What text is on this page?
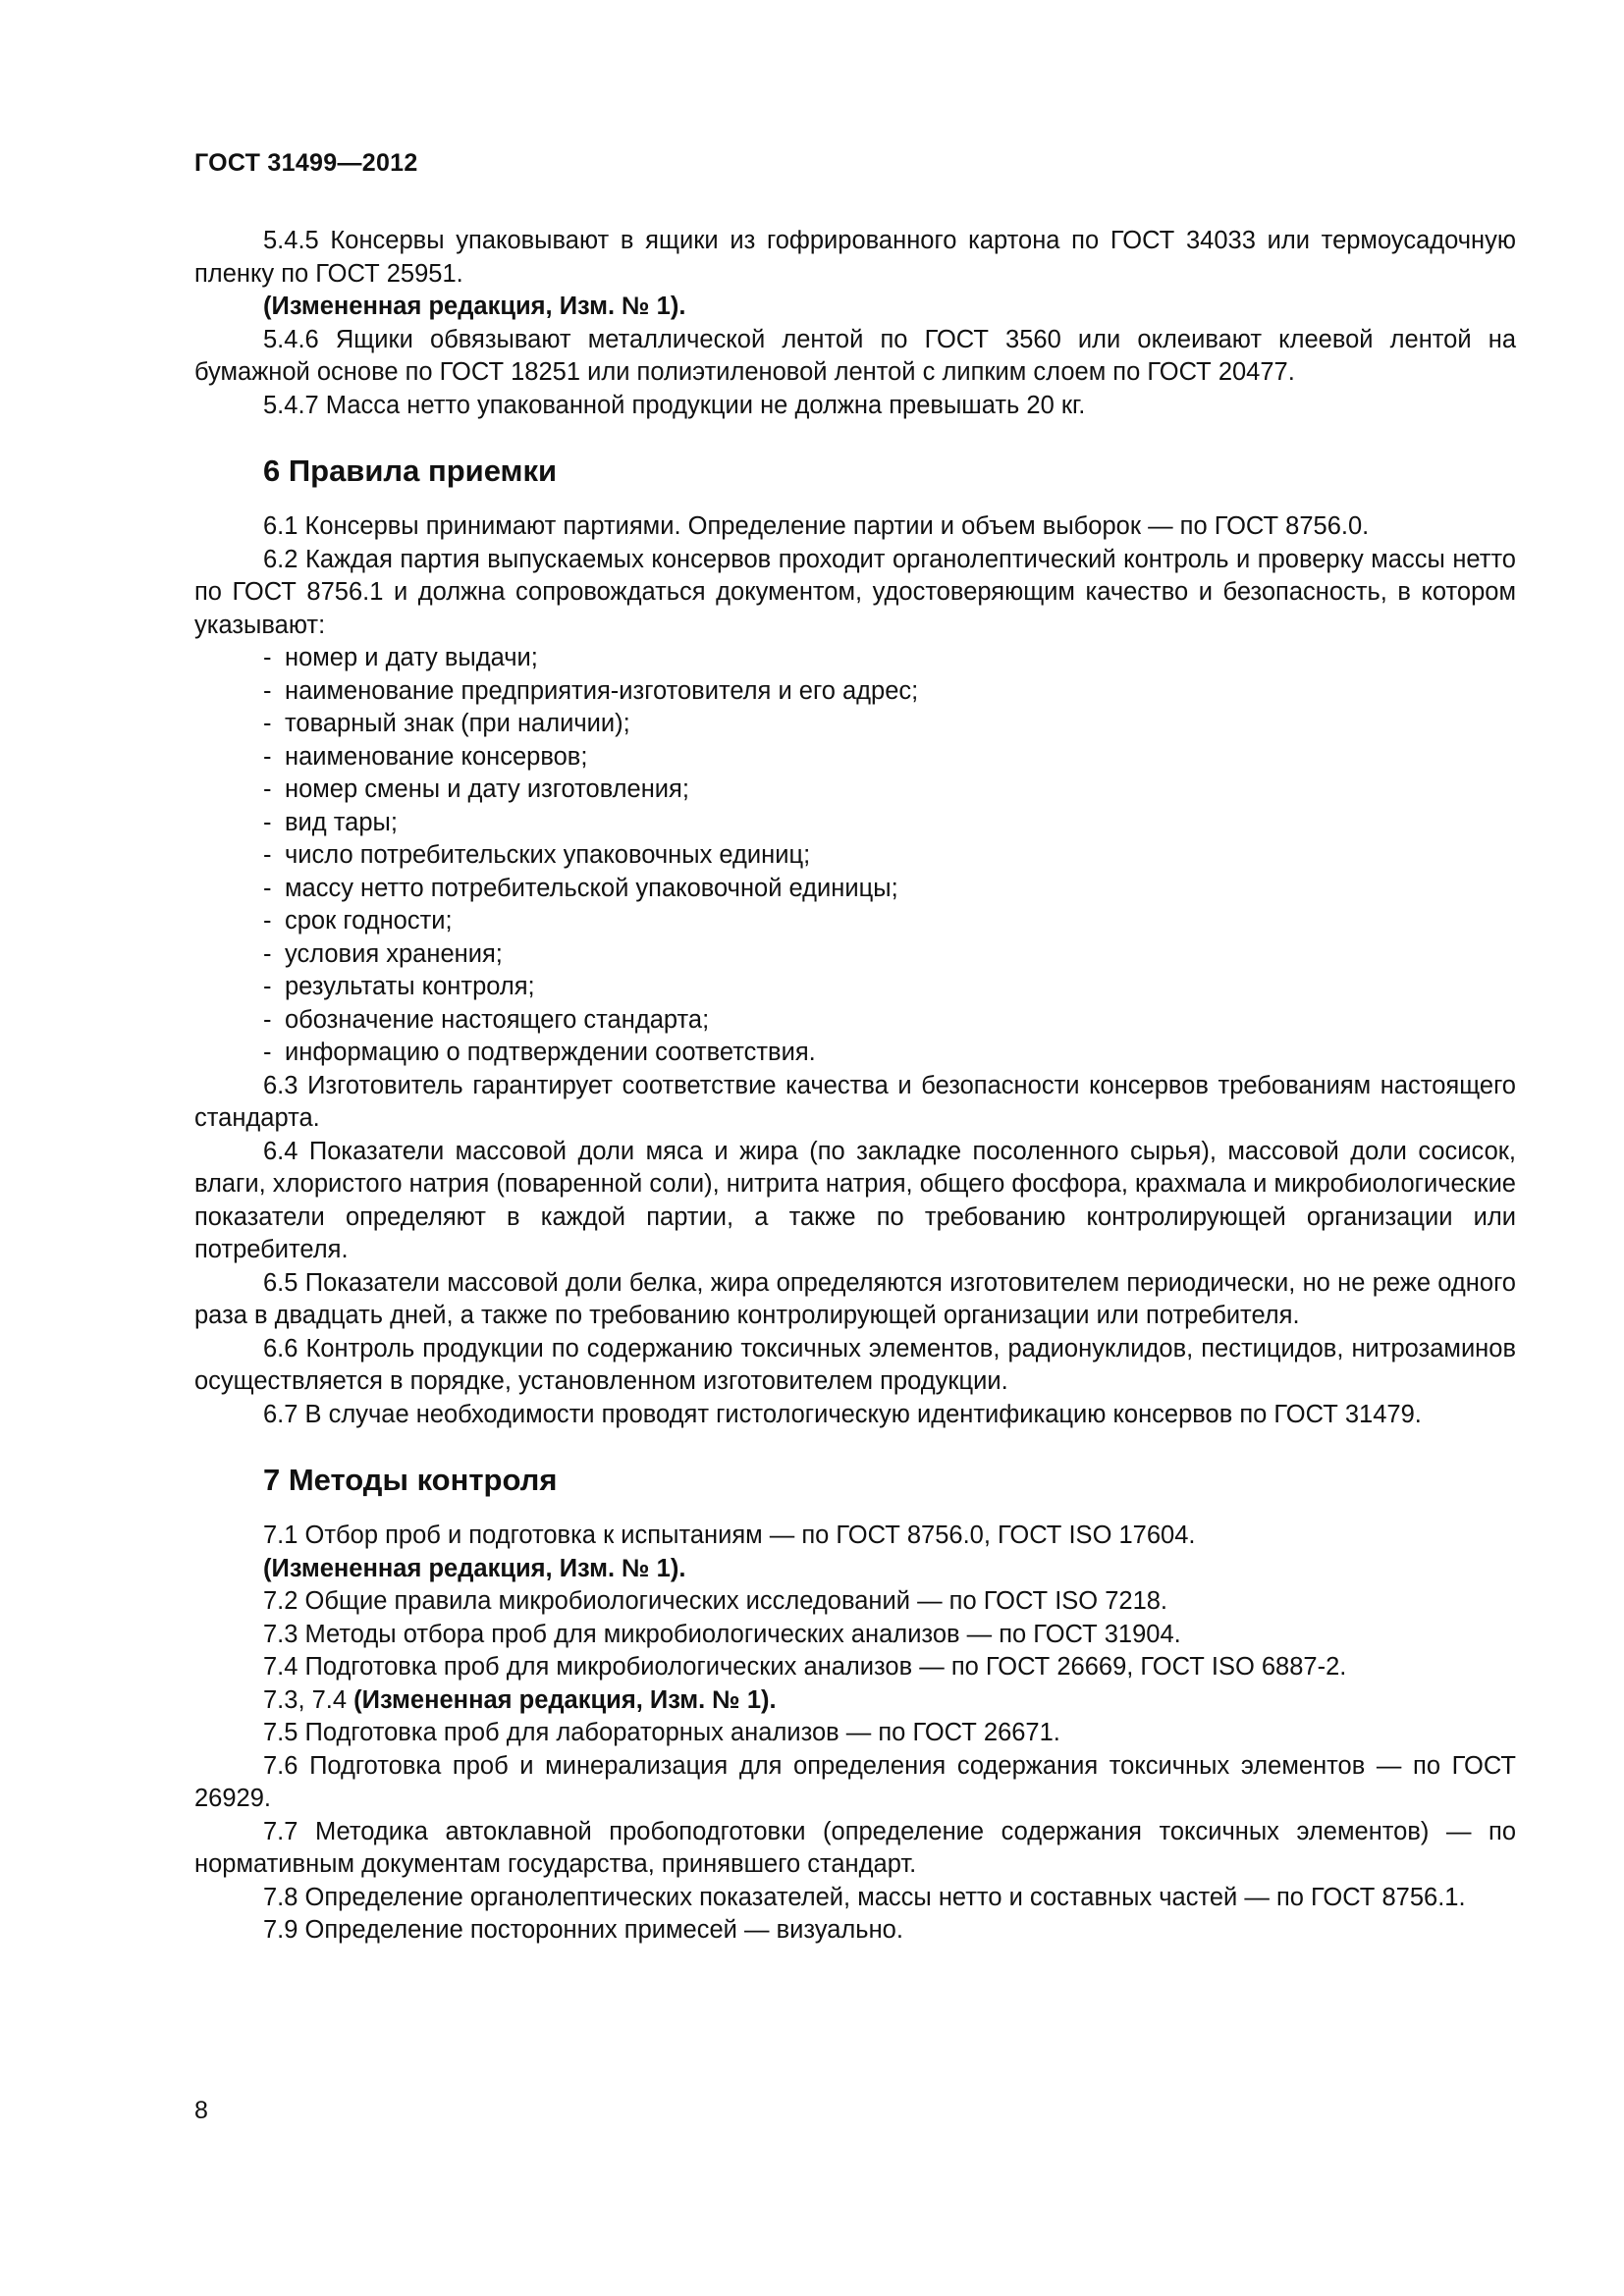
ГОСТ 31499—2012

5.4.5 Консервы упаковывают в ящики из гофрированного картона по ГОСТ 34033 или термоусадочную пленку по ГОСТ 25951.

(Измененная редакция, Изм. № 1).

5.4.6 Ящики обвязывают металлической лентой по ГОСТ 3560 или оклеивают клеевой лентой на бумажной основе по ГОСТ 18251 или полиэтиленовой лентой с липким слоем по ГОСТ 20477.

5.4.7 Масса нетто упакованной продукции не должна превышать 20 кг.

6 Правила приемки

6.1 Консервы принимают партиями. Определение партии и объем выборок — по ГОСТ 8756.0.

6.2 Каждая партия выпускаемых консервов проходит органолептический контроль и проверку массы нетто по ГОСТ 8756.1 и должна сопровождаться документом, удостоверяющим качество и безопасность, в котором указывают:

- номер и дату выдачи;
- наименование предприятия-изготовителя и его адрес;
- товарный знак (при наличии);
- наименование консервов;
- номер смены и дату изготовления;
- вид тары;
- число потребительских упаковочных единиц;
- массу нетто потребительской упаковочной единицы;
- срок годности;
- условия хранения;
- результаты контроля;
- обозначение настоящего стандарта;
- информацию о подтверждении соответствия.

6.3 Изготовитель гарантирует соответствие качества и безопасности консервов требованиям настоящего стандарта.

6.4 Показатели массовой доли мяса и жира (по закладке посоленного сырья), массовой доли сосисок, влаги, хлористого натрия (поваренной соли), нитрита натрия, общего фосфора, крахмала и микробиологические показатели определяют в каждой партии, а также по требованию контролирующей организации или потребителя.

6.5 Показатели массовой доли белка, жира определяются изготовителем периодически, но не реже одного раза в двадцать дней, а также по требованию контролирующей организации или потребителя.

6.6 Контроль продукции по содержанию токсичных элементов, радионуклидов, пестицидов, нитрозаминов осуществляется в порядке, установленном изготовителем продукции.

6.7 В случае необходимости проводят гистологическую идентификацию консервов по ГОСТ 31479.

7 Методы контроля

7.1 Отбор проб и подготовка к испытаниям — по ГОСТ 8756.0, ГОСТ ISO 17604.

(Измененная редакция, Изм. № 1).

7.2 Общие правила микробиологических исследований — по ГОСТ ISO 7218.

7.3 Методы отбора проб для микробиологических анализов — по ГОСТ 31904.

7.4 Подготовка проб для микробиологических анализов — по ГОСТ 26669, ГОСТ ISO 6887-2.

7.3, 7.4 (Измененная редакция, Изм. № 1).

7.5 Подготовка проб для лабораторных анализов — по ГОСТ 26671.

7.6 Подготовка проб и минерализация для определения содержания токсичных элементов — по ГОСТ 26929.

7.7 Методика автоклавной пробоподготовки (определение содержания токсичных элементов) — по нормативным документам государства, принявшего стандарт.

7.8 Определение органолептических показателей, массы нетто и составных частей — по ГОСТ 8756.1.

7.9 Определение посторонних примесей — визуально.

8
